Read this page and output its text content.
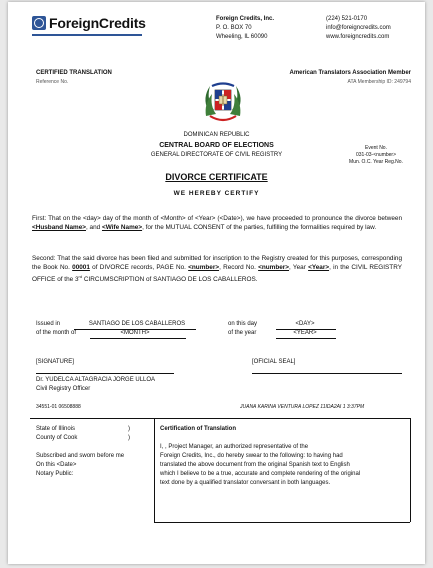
ForeignCredits	Foreign Credits, Inc.
P. O. BOX 70
Wheeling, IL 60090
(224) 521-0170
info@foreigncredits.com
www.foreigncredits.com
CERTIFIED TRANSLATION
Reference No.
American Translators Association Member
ATA Membership ID: 249794
DOMINICAN REPUBLIC
CENTRAL BOARD OF ELECTIONS
GENERAL DIRECTORATE OF CIVIL REGISTRY
Event No.
031-03-<number>
Mun. O.C. Year Reg.No.
DIVORCE CERTIFICATE
WE HEREBY CERTIFY
First: That on the <day> day of the month of <Month> of <Year> (<Date>), we have proceeded to pronounce the divorce between <Husband Name>, and <Wife Name>, for the MUTUAL CONSENT of the parties, fulfilling the formalities required by law.
Second: That the said divorce has been filed and submitted for inscription to the Registry created for this purposes, corresponding the Book No. 00001 of DIVORCE records, PAGE No. <number>, Record No. <number>, Year <Year>, in the CIVIL REGISTRY OFFICE of the 3rd CIRCUMSCRIPTION of SANTIAGO DE LOS CABALLEROS.
Issued in	SANTIAGO DE LOS CABALLEROS
of the month of	<MONTH>
on this day	<DAY>
of the year	<YEAR>
[SIGNATURE]	[OFICIAL SEAL]
Dr. YUDELCA ALTAGRACIA JORGE ULLOA
Civil Registry Officer
34551-01 06508888	JUANA KARINA VENTURA LOPEZ 11IDA2AI 1 3:37PM
State of Illinois	)
County of Cook	)
Subscribed and sworn before me
On this <Date>
Notary Public:
Certification of Translation
I, , Project Manager, an authorized representative of the
Foreign Credits, Inc., do hereby swear to the following: to having had
translated the above document from the original Spanish text to English
which I believe to be a true, accurate and complete rendering of the original
text done by a qualified translator conversant in both languages.
